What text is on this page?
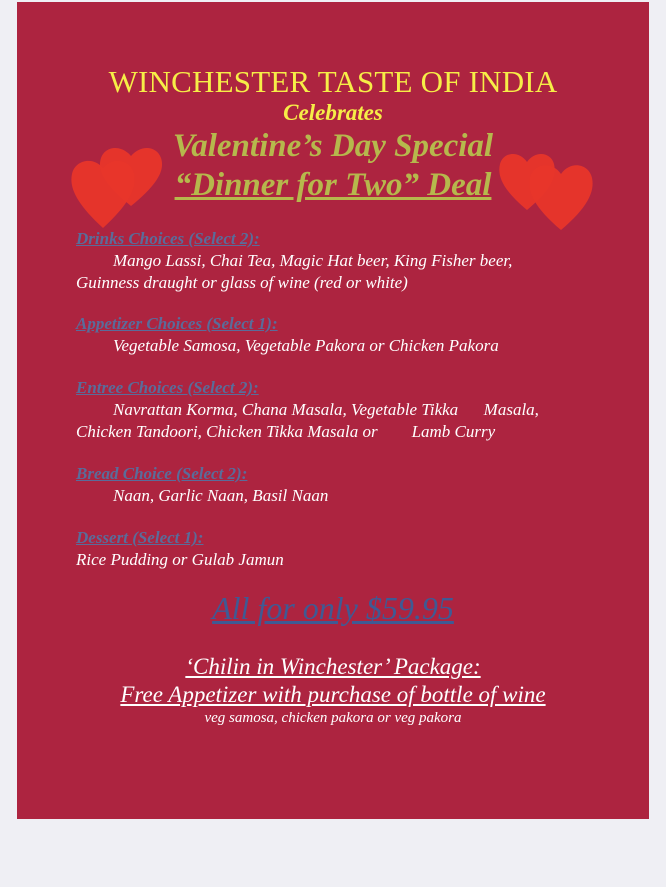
WINCHESTER TASTE OF INDIA
Celebrates
Valentine’s Day Special
“Dinner for Two” Deal
Drinks Choices (Select 2):
Mango Lassi, Chai Tea, Magic Hat beer, King Fisher beer,
Guinness draught or glass of wine (red or white)
Appetizer Choices (Select 1):
Vegetable Samosa, Vegetable Pakora or Chicken Pakora
Entree Choices (Select 2):
Navrattan Korma, Chana Masala, Vegetable Tikka      Masala,
Chicken Tandoori, Chicken Tikka Masala or        Lamb Curry
Bread Choice (Select 2):
Naan, Garlic Naan, Basil Naan
Dessert (Select 1):
Rice Pudding or Gulab Jamun
All for only $59.95
‘Chilin in Winchester’ Package:
Free Appetizer with purchase of bottle of wine
veg samosa, chicken pakora or veg pakora
